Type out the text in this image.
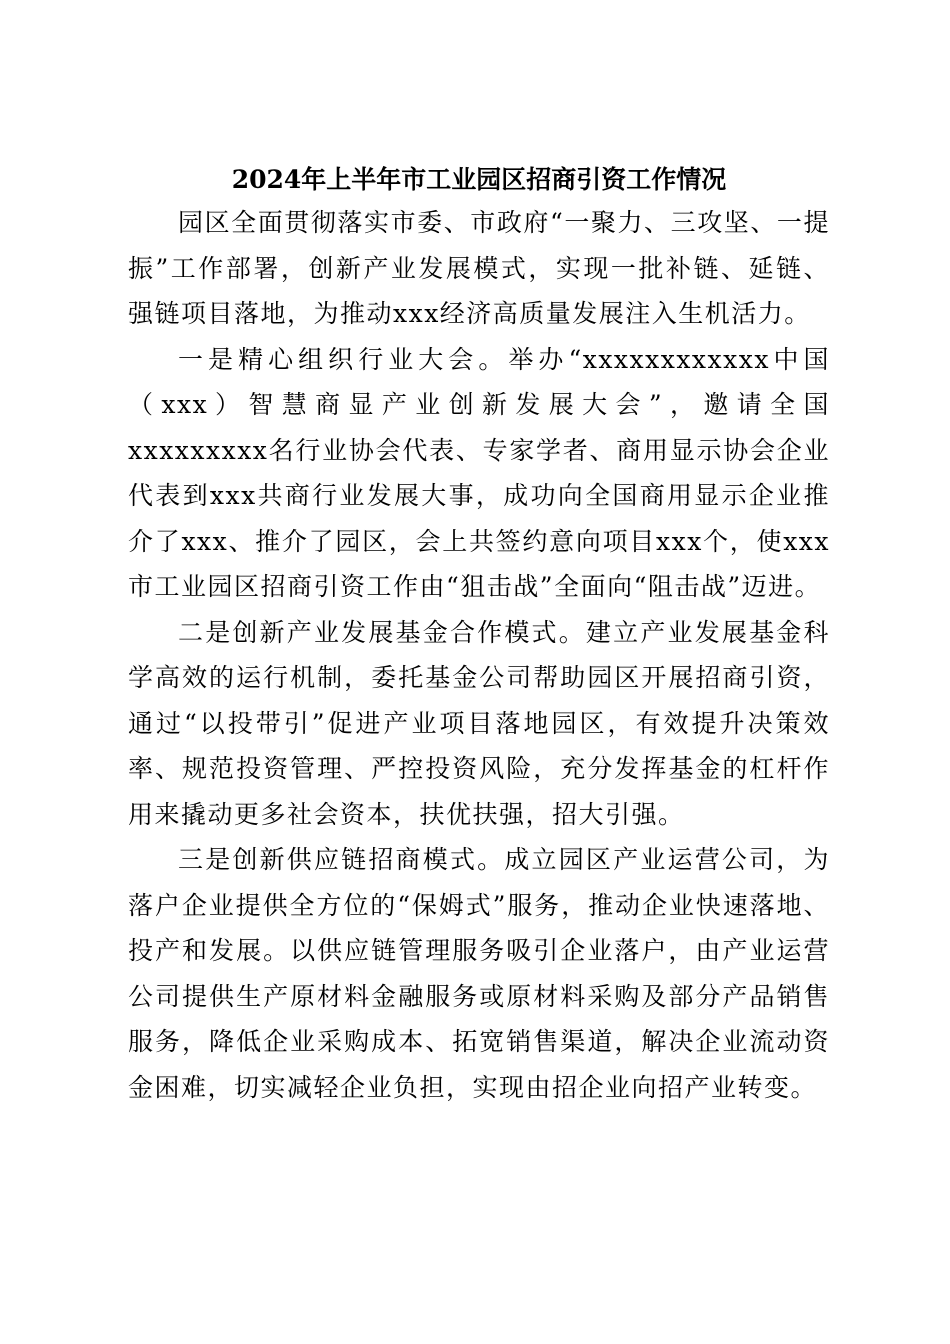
2024年上半年市工业园区招商引资工作情况

园区全面贯彻落实市委、市政府“一聚力、三攻坚、一提振”工作部署，创新产业发展模式，实现一批补链、延链、强链项目落地，为推动xxx经济高质量发展注入生机活力。

一是精心组织行业大会。举办“xxxxxxxxxxxx中国（xxx）智慧商显产业创新发展大会”，邀请全国xxxxxxxxx名行业协会代表、专家学者、商用显示协会企业代表到xxx共商行业发展大事，成功向全国商用显示企业推介了xxx、推介了园区，会上共签约意向项目xxx个，使xxx市工业园区招商引资工作由“狙击战”全面向“阻击战”迈进。

二是创新产业发展基金合作模式。建立产业发展基金科学高效的运行机制，委托基金公司帮助园区开展招商引资，通过“以投带引”促进产业项目落地园区，有效提升决策效率、规范投资管理、严控投资风险，充分发挥基金的杠杆作用来撬动更多社会资本，扶优扶强，招大引强。

三是创新供应链招商模式。成立园区产业运营公司，为落户企业提供全方位的“保姆式”服务，推动企业快速落地、投产和发展。以供应链管理服务吸引企业落户，由产业运营公司提供生产原材料金融服务或原材料采购及部分产品销售服务，降低企业采购成本、拓宽销售渠道，解决企业流动资金困难，切实减轻企业负担，实现由招企业向招产业转变。
